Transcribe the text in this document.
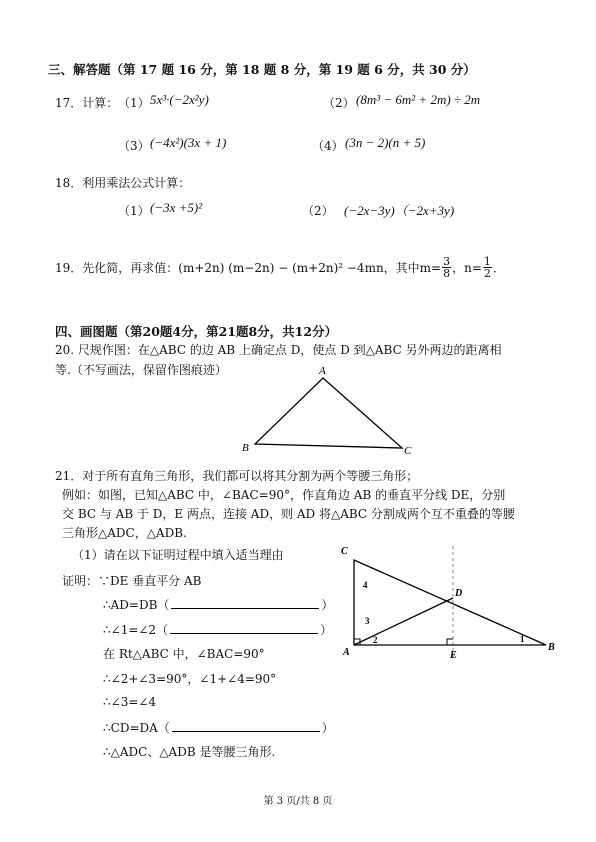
三、解答题（第 17 题 16 分，第 18 题 8 分，第 19 题 6 分，共 30 分）
17．计算： （1） 5x³·(−2x²y)	（2） (8m³ − 6m² + 2m) ÷ 2m
（3） (−4x²)(3x + 1)	（4） (3n − 2)(n + 5)
18．利用乘法公式计算：
（1） (−3x +5)²	（2） (−2x−3y)（−2x+3y)
19．先化简，再求值：(m+2n) (m−2n) − (m+2n)² −4mn，其中$m= \frac{3}{8}$ ，$n= \frac{1}{2}$ ．
四、画图题（第20题4分，第21题8分，共12分）
20. 尺规作图：在△ABC 的边 AB 上确定点 D，使点 D 到△ABC 另外两边的距离相
等.（不写画法，保留作图痕迹）	A
B	C
21．对于所有直角三角形，我们都可以将其分割为两个等腰三角形；
例如：如图，已知△ABC 中，∠BAC=90°，作直角边 AB 的垂直平分线 DE，分别
交 BC 与 AB 于 D，E 两点，连接 AD，则 AD 将△ABC 分割成两个互不重叠的等腰
三角形△ADC，△ADB.
（1）请在以下证明过程中填入适当理由
证明：∵DE 垂直平分 AB
∴AD=DB（	）
∴∠1=∠2（	）
在 Rt△ABC 中，∠BAC=90°
∴∠2+∠3=90°，∠1+∠4=90°
∴∠3=∠4
∴CD=DA（	）
∴△ADC、△ADB 是等腰三角形.
C
D
A	E
B
4
3
2	1
第 3 页/共 8 页
